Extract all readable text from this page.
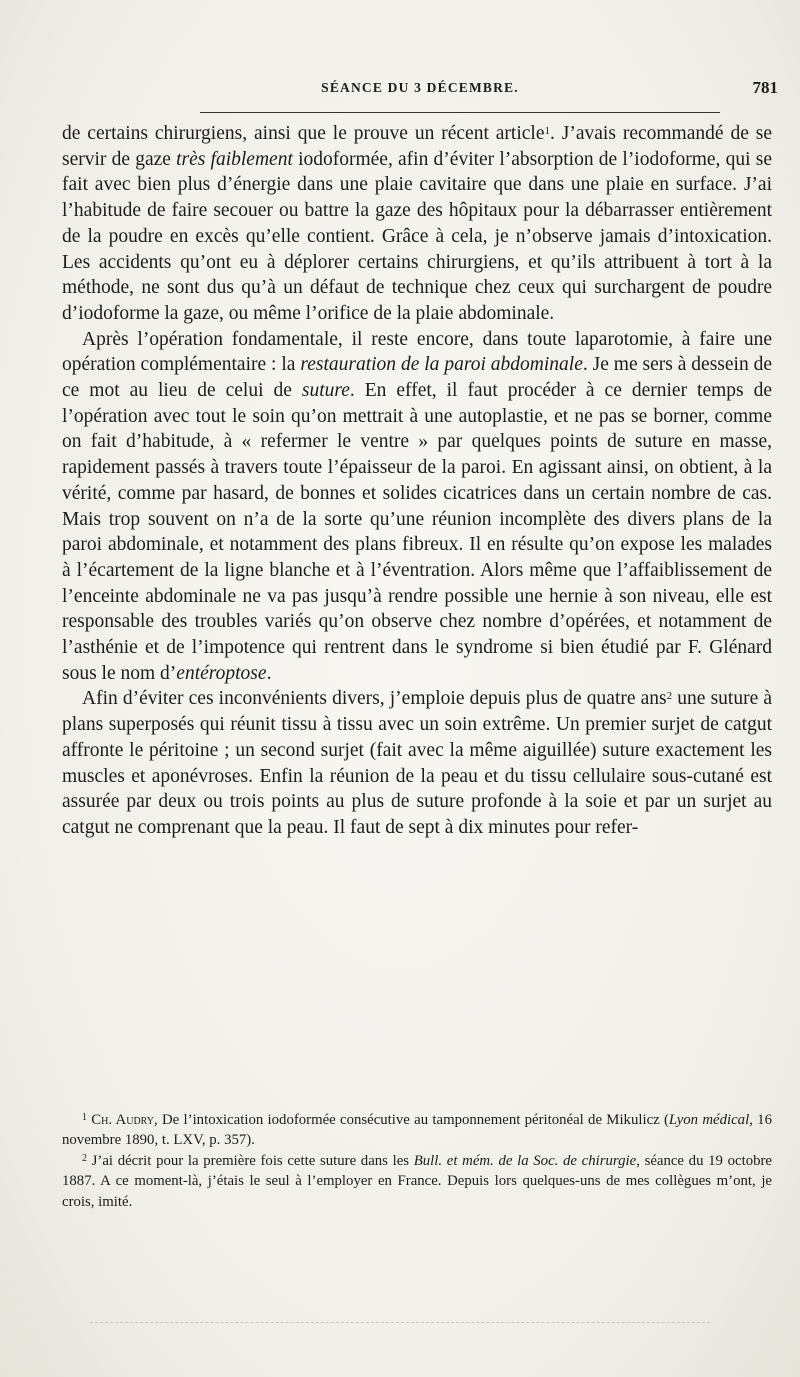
SÉANCE DU 3 DÉCEMBRE.	781

de certains chirurgiens, ainsi que le prouve un récent article$^1$. J’avais recommandé de se servir de gaze très faiblement iodoformée, afin d’éviter l’absorption de l’iodoforme, qui se fait avec bien plus d’énergie dans une plaie cavitaire que dans une plaie en surface. J’ai l’habitude de faire secouer ou battre la gaze des hôpitaux pour la débarrasser entièrement de la poudre en excès qu’elle contient. Grâce à cela, je n’observe jamais d’intoxication. Les accidents qu’ont eu à déplorer certains chirurgiens, et qu’ils attribuent à tort à la méthode, ne sont dus qu’à un défaut de technique chez ceux qui surchargent de poudre d’iodoforme la gaze, ou même l’orifice de la plaie abdominale.

Après l’opération fondamentale, il reste encore, dans toute laparotomie, à faire une opération complémentaire : la restauration de la paroi abdominale. Je me sers à dessein de ce mot au lieu de celui de suture. En effet, il faut procéder à ce dernier temps de l’opération avec tout le soin qu’on mettrait à une autoplastie, et ne pas se borner, comme on fait d’habitude, à « refermer le ventre » par quelques points de suture en masse, rapidement passés à travers toute l’épaisseur de la paroi. En agissant ainsi, on obtient, à la vérité, comme par hasard, de bonnes et solides cicatrices dans un certain nombre de cas. Mais trop souvent on n’a de la sorte qu’une réunion incomplète des divers plans de la paroi abdominale, et notamment des plans fibreux. Il en résulte qu’on expose les malades à l’écartement de la ligne blanche et à l’éventration. Alors même que l’affaiblissement de l’enceinte abdominale ne va pas jusqu’à rendre possible une hernie à son niveau, elle est responsable des troubles variés qu’on observe chez nombre d’opérées, et notamment de l’asthénie et de l’impotence qui rentrent dans le syndrome si bien étudié par F. Glénard sous le nom d’entéroptose.

Afin d’éviter ces inconvénients divers, j’emploie depuis plus de quatre ans$^2$ une suture à plans superposés qui réunit tissu à tissu avec un soin extrême. Un premier surjet de catgut affronte le péritoine ; un second surjet (fait avec la même aiguillée) suture exactement les muscles et aponévroses. Enfin la réunion de la peau et du tissu cellulaire sous-cutané est assurée par deux ou trois points au plus de suture profonde à la soie et par un surjet au catgut ne comprenant que la peau. Il faut de sept à dix minutes pour refer-

$^1$ Ch. Audry, De l’intoxication iodoformée consécutive au tamponnement péritonéal de Mikulicz (Lyon médical, 16 novembre 1890, t. LXV, p. 357).

$^2$ J’ai décrit pour la première fois cette suture dans les Bull. et mém. de la Soc. de chirurgie, séance du 19 octobre 1887. A ce moment-là, j’étais le seul à l’employer en France. Depuis lors quelques-uns de mes collègues m’ont, je crois, imité.
